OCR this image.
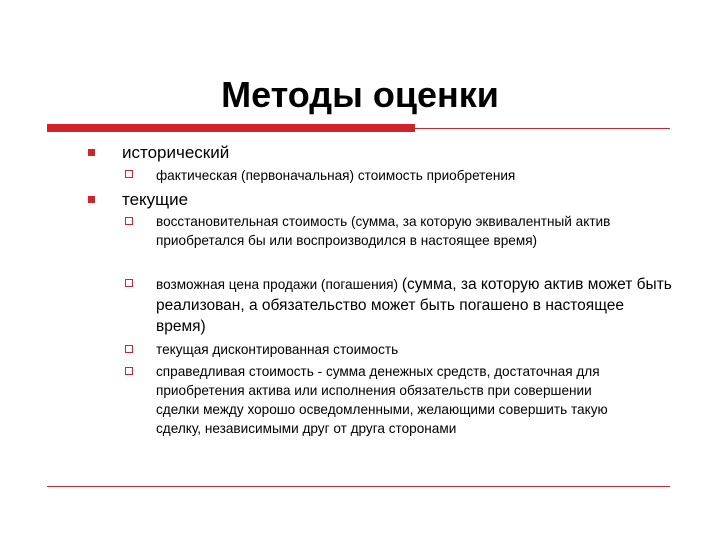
Методы оценки
исторический
фактическая (первоначальная) стоимость приобретения
текущие
восстановительная стоимость (сумма, за которую эквивалентный актив приобретался бы или воспроизводился в настоящее время)
возможная цена продажи (погашения) (сумма, за которую актив может быть реализован, а обязательство может быть погашено в настоящее время)
текущая дисконтированная стоимость
справедливая стоимость - сумма денежных средств, достаточная для приобретения актива или исполнения обязательств при совершении сделки между хорошо осведомленными, желающими совершить такую сделку, независимыми друг от друга сторонами
